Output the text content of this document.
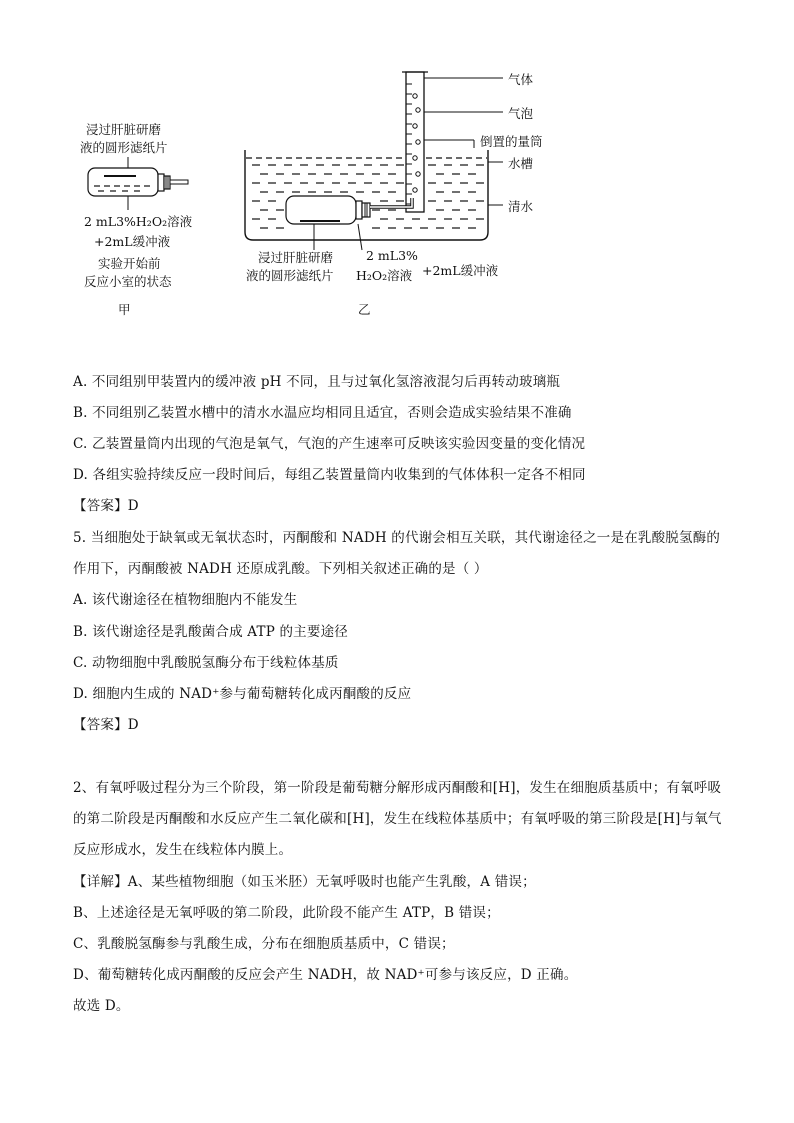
浸过肝脏研磨
液的圆形滤纸片
2 mL3%H₂O₂溶液
+2mL缓冲液
实验开始前
反应小室的状态
甲
气体
气泡
倒置的量筒
水槽
清水
浸过肝脏研磨
液的圆形滤纸片
2 mL3%
H₂O₂溶液 +2mL缓冲液
乙
A. 不同组别甲装置内的缓冲液 pH 不同，且与过氧化氢溶液混匀后再转动玻璃瓶
B. 不同组别乙装置水槽中的清水水温应均相同且适宜，否则会造成实验结果不准确
C. 乙装置量筒内出现的气泡是氧气，气泡的产生速率可反映该实验因变量的变化情况
D. 各组实验持续反应一段时间后，每组乙装置量筒内收集到的气体体积一定各不相同
【答案】D
5. 当细胞处于缺氧或无氧状态时，丙酮酸和 NADH 的代谢会相互关联，其代谢途径之一是在乳酸脱氢酶的
作用下，丙酮酸被 NADH 还原成乳酸。下列相关叙述正确的是（ ）
A. 该代谢途径在植物细胞内不能发生
B. 该代谢途径是乳酸菌合成 ATP 的主要途径
C. 动物细胞中乳酸脱氢酶分布于线粒体基质
D. 细胞内生成的 NAD⁺参与葡萄糖转化成丙酮酸的反应
【答案】D
2、有氧呼吸过程分为三个阶段，第一阶段是葡萄糖分解形成丙酮酸和[H]，发生在细胞质基质中；有氧呼吸
的第二阶段是丙酮酸和水反应产生二氧化碳和[H]，发生在线粒体基质中；有氧呼吸的第三阶段是[H]与氧气
反应形成水，发生在线粒体内膜上。
【详解】A、某些植物细胞（如玉米胚）无氧呼吸时也能产生乳酸，A 错误；
B、上述途径是无氧呼吸的第二阶段，此阶段不能产生 ATP，B 错误；
C、乳酸脱氢酶参与乳酸生成，分布在细胞质基质中，C 错误；
D、葡萄糖转化成丙酮酸的反应会产生 NADH，故 NAD⁺可参与该反应，D 正确。
故选 D。
